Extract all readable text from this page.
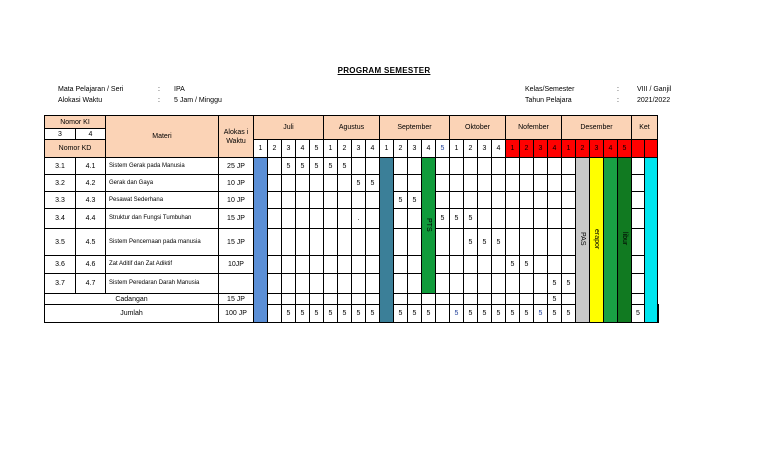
PROGRAM SEMESTER
Mata Pelajaran / Seri	:	IPA
Alokasi Waktu	:	5 Jam / Minggu
Kelas/Semester	:	VIII / Ganjil
Tahun Pelajara	:	2021/2022
Nomor KI		Materi	Alokas i Waktu	Juli					Agustus				September					Oktober				Nofember				Desember					Ket		
3	4																																
Nomor KD				1	2	3	4	5	1	2	3	4	1	2	3	4	5	1	2	3	4	1	2	3	4	1	2	3	4	5			
3.1	4.1	Sistem Gerak pada Manusia	25 JP			5	5	5	5	5						PTS											PAS	erapor		libur			
3.2	4.2	Gerak dan Gaya	10 JP								5	5																					
3.3	4.3	Pesawat Sederhana	10 JP											5	5																		
3.4	4.4	Struktur dan Fungsi Tumbuhan	15 JP								.						5	5	5														
3.5	4.5	Sistem Pencernaan pada manusia	15 JP																5	5	5												
3.6	4.6	Zat Aditif dan Zat Adiktif	10JP																			5	5										
3.7	4.7	Sistem Peredaran Darah Manusia																							5	5							
Cadangan			15 JP																						5								
Jumlah			100 JP			5	5	5	5	5	5	5		5	5	5		5	5	5	5	5	5	5	5	5					5		
